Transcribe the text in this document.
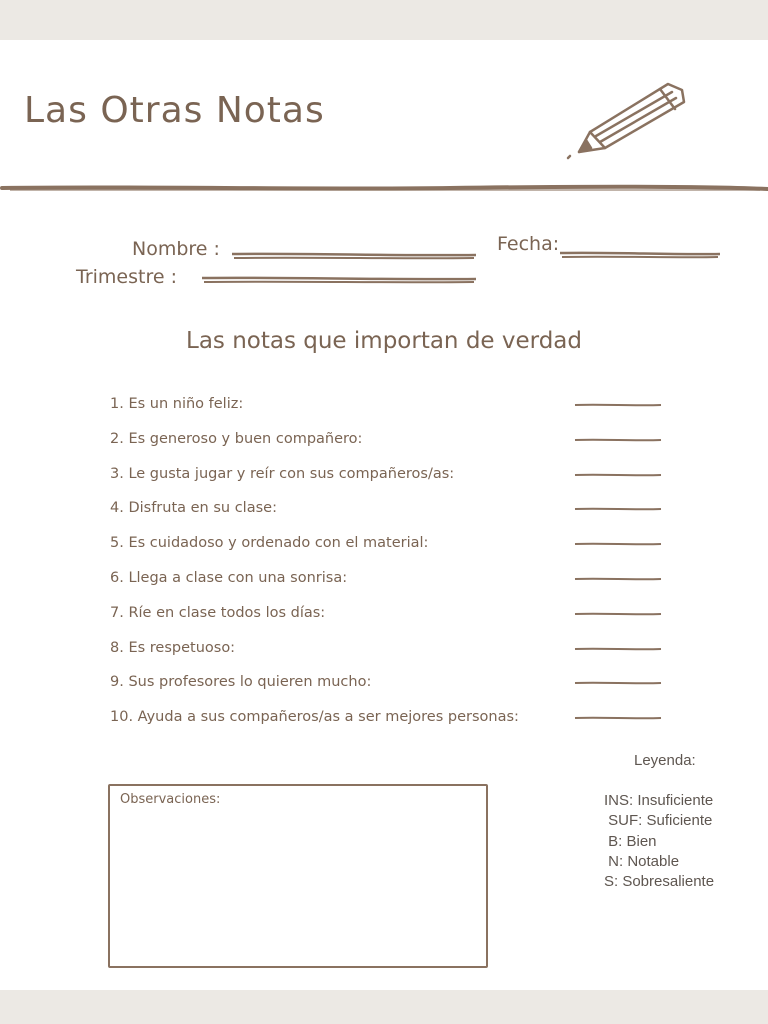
Las Otras Notas
Nombre :	Fecha:
Trimestre :
Las notas que importan de verdad
1. Es un niño feliz:
2. Es generoso y buen compañero:
3. Le gusta jugar y reír con sus compañeros/as:
4. Disfruta en su clase:
5. Es cuidadoso y ordenado con el material:
6. Llega a clase con una sonrisa:
7. Ríe en clase todos los días:
8. Es respetuoso:
9. Sus profesores lo quieren mucho:
10. Ayuda a sus compañeros/as a ser mejores personas:
Observaciones:
Leyenda:
INS: Insuficiente
SUF: Suficiente
B: Bien
N: Notable
S: Sobresaliente
